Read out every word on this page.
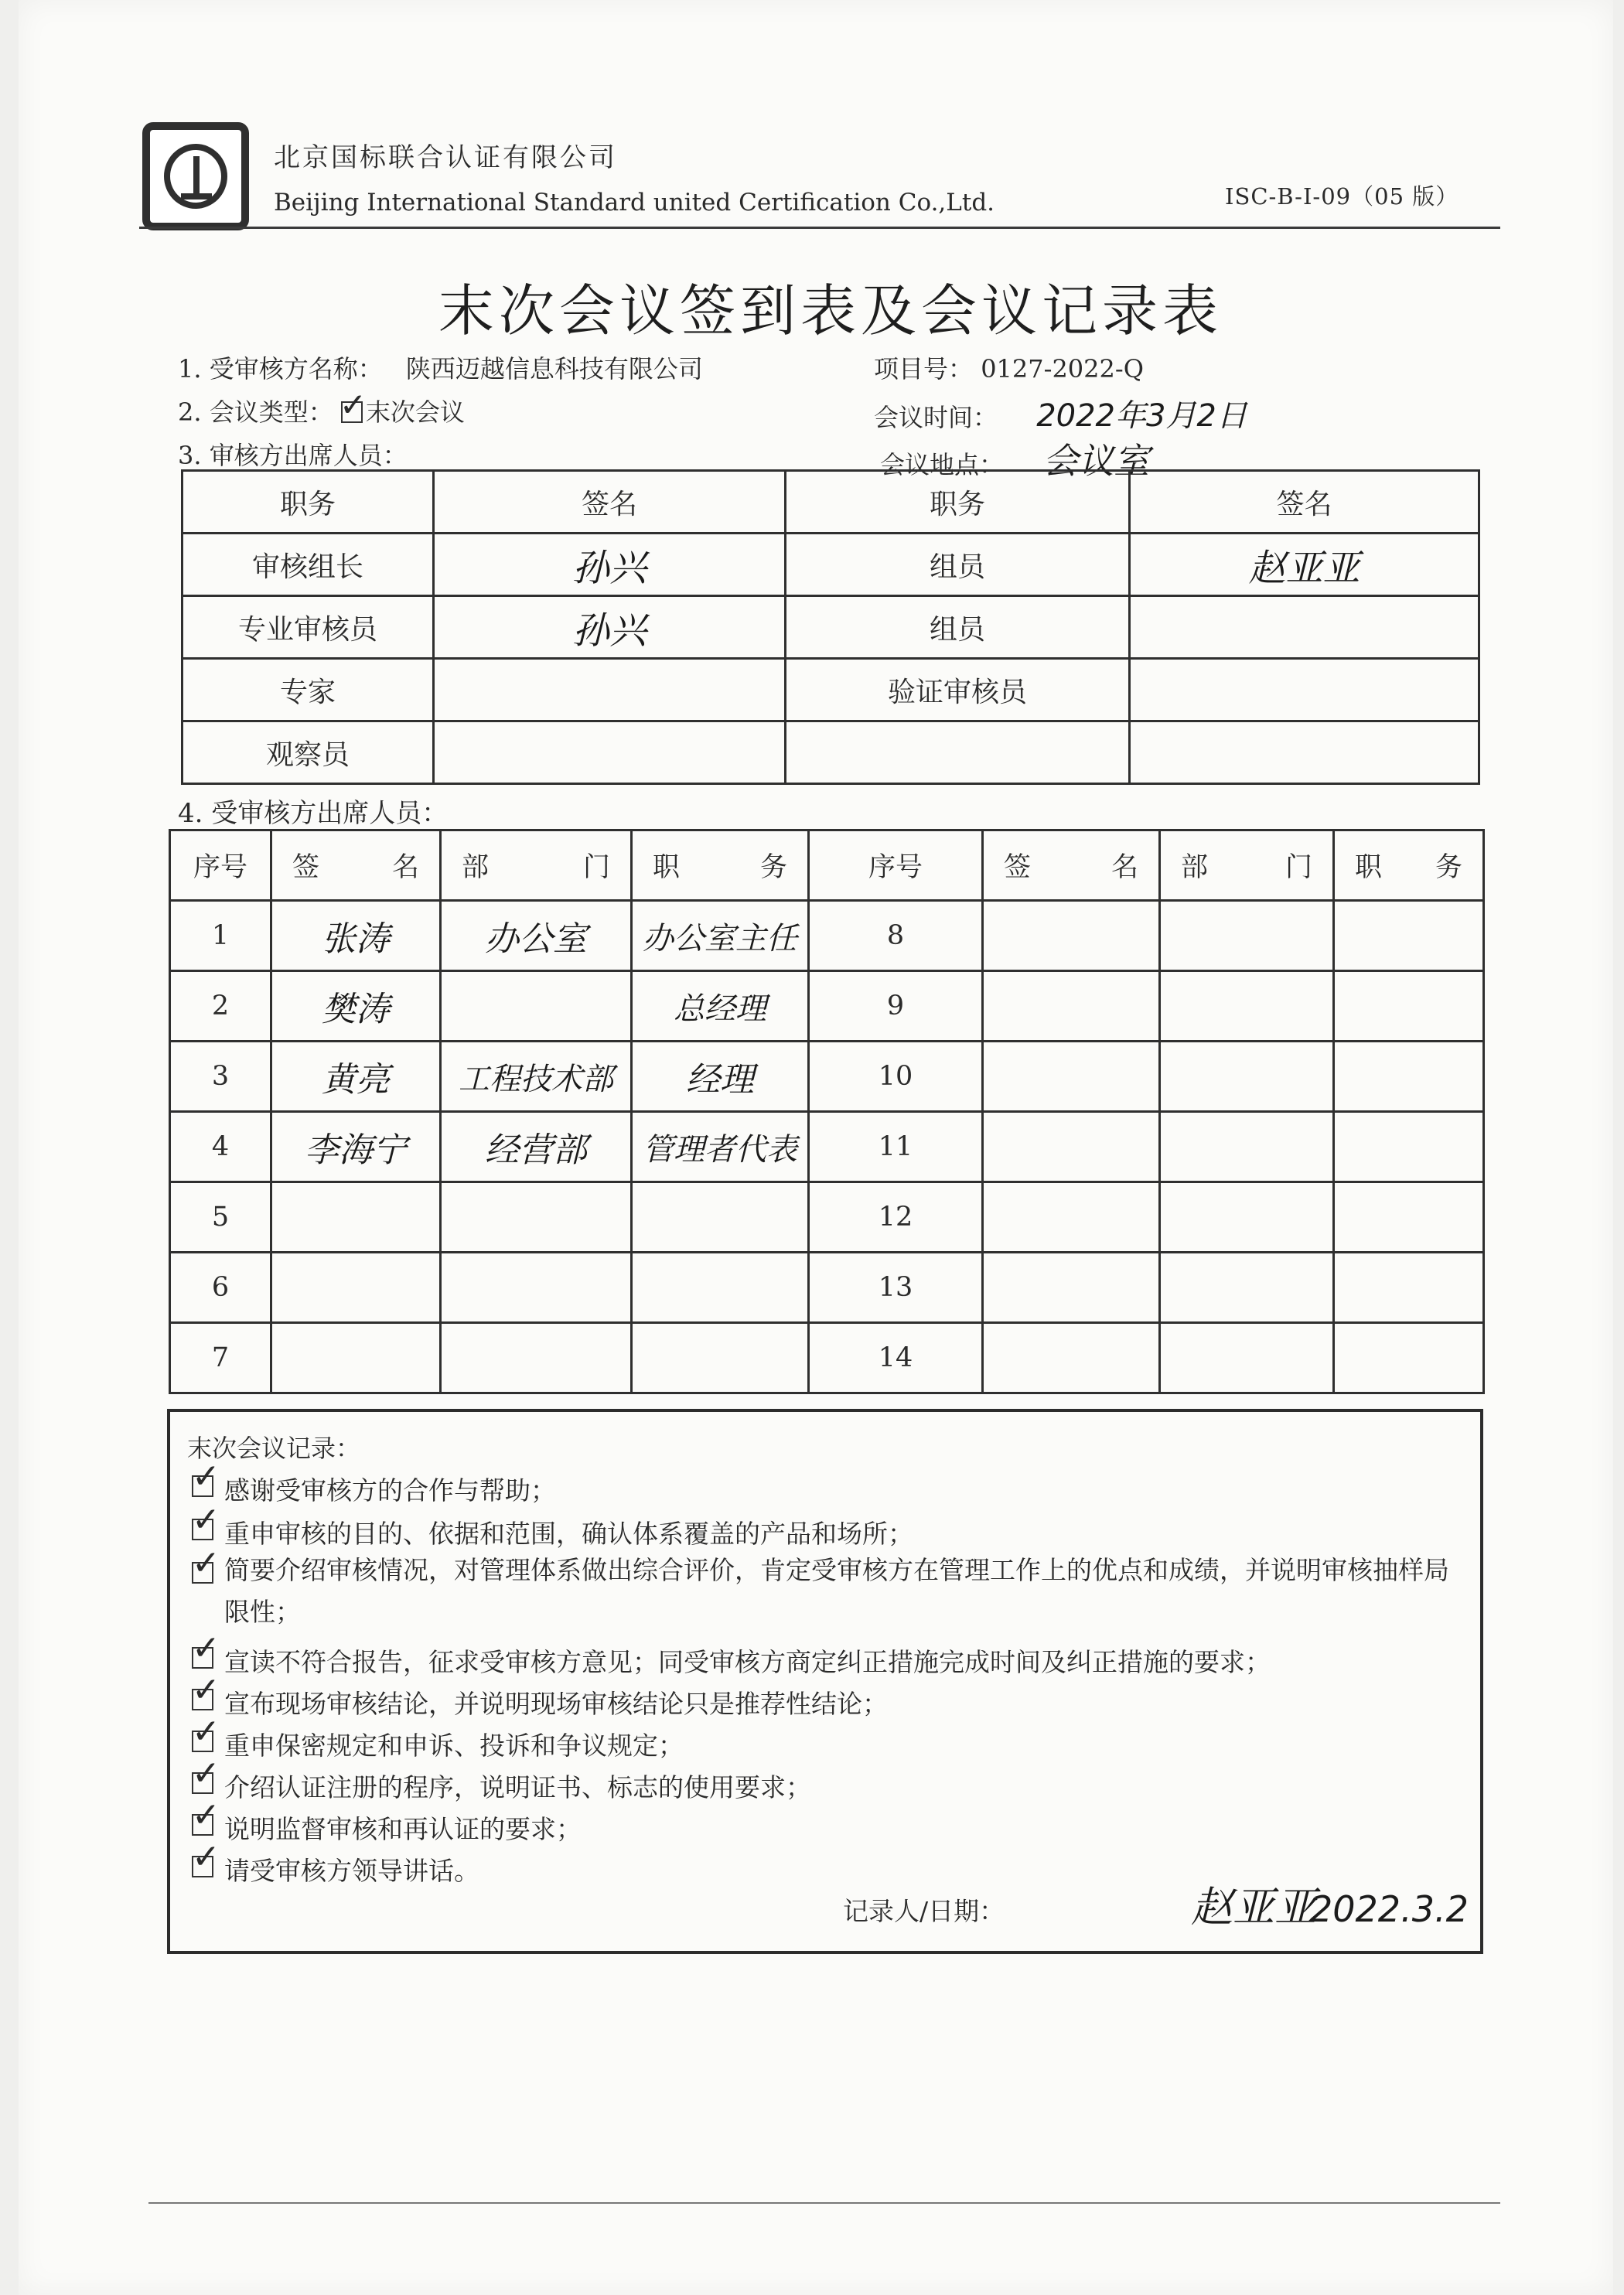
北京国标联合认证有限公司
Beijing International Standard united Certification Co.,Ltd.	ISC-B-I-09（05 版）
末次会议签到表及会议记录表
1. 受审核方名称： 陕西迈越信息科技有限公司	项目号： 0127-2022-Q
2. 会议类型： ✓
末次会议	会议时间： 2022年3月2日
3. 审核方出席人员：	会议地点： 会议室
职务	签名	职务	签名
审核组长	孙兴	组员	赵亚亚
专业审核员	孙兴	组员	
专家		验证审核员	
观察员			
4. 受审核方出席人员：
序号	签 名	部 门	职 务	序号	签 名	部 门	职 务

1	张涛	办公室	办公室主任	8			
2	樊涛		总经理	9			
3	黄亮	工程技术部	经理	10			
4	李海宁	经营部	管理者代表	11			
5				12			
6				13			
7				14			
末次会议记录：
✓ 感谢受审核方的合作与帮助；
✓ 重申审核的目的、依据和范围，确认体系覆盖的产品和场所；
✓ 简要介绍审核情况，对管理体系做出综合评价，肯定受审核方在管理工作上的优点和成绩，并说明审核抽样局限性；
✓ 宣读不符合报告，征求受审核方意见；同受审核方商定纠正措施完成时间及纠正措施的要求；
✓ 宣布现场审核结论，并说明现场审核结论只是推荐性结论；
✓ 重申保密规定和申诉、投诉和争议规定；
✓ 介绍认证注册的程序，说明证书、标志的使用要求；
✓ 说明监督审核和再认证的要求；
✓ 请受审核方领导讲话。
记录人/日期：	赵亚亚
2022.3.2
